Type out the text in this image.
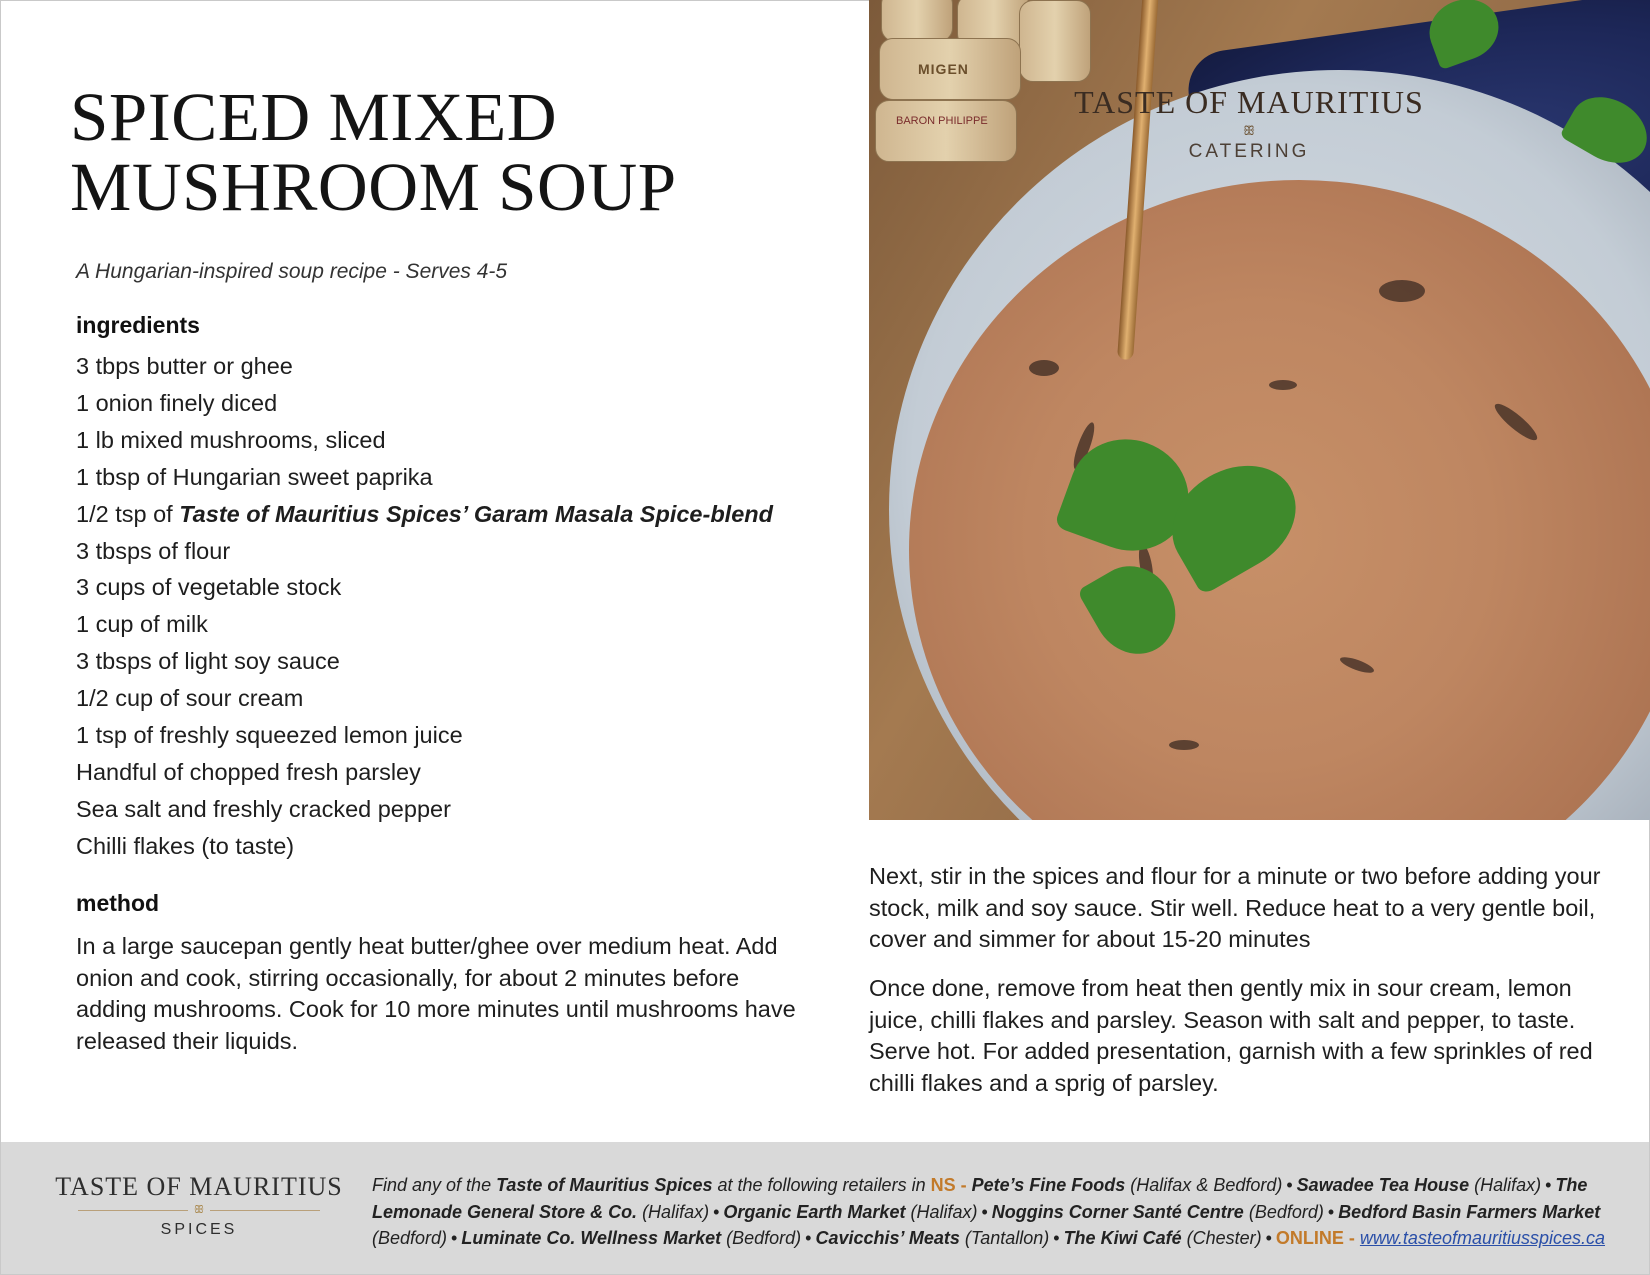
SPICED MIXED
MUSHROOM SOUP
A Hungarian-inspired soup recipe - Serves 4-5
ingredients
3 tbps butter or ghee
1 onion finely diced
1 lb mixed mushrooms, sliced
1 tbsp of Hungarian sweet paprika
1/2 tsp of Taste of Mauritius Spices’ Garam Masala Spice-blend
3 tbsps of flour
3 cups of vegetable stock
1 cup of milk
3 tbsps of light soy sauce
1/2 cup of sour cream
1 tsp of freshly squeezed lemon juice
Handful of chopped fresh parsley
Sea salt and freshly cracked pepper
Chilli flakes (to taste)
method

In a large saucepan gently heat butter/ghee over medium heat. Add onion and cook, stirring occasionally, for about 2 minutes before adding mushrooms. Cook for 10 more minutes until mushrooms have released their liquids.

Next, stir in the spices and flour for a minute or two before adding your stock, milk and soy sauce. Stir well. Reduce heat to a very gentle boil, cover and simmer for about 15-20 minutes

Once done, remove from heat then gently mix in sour cream, lemon juice, chilli flakes and parsley. Season with salt and pepper, to taste. Serve hot. For added presentation, garnish with a few sprinkles of red chilli flakes and a sprig of parsley.

MIGEN
BARON PHILIPPE
TASTE OF MAURITIUS
ꕥ
CATERING
TASTE OF MAURITIUS
ꕥ
SPICES
Find any of the Taste of Mauritius Spices at the following retailers in NS - Pete’s Fine Foods (Halifax & Bedford) • Sawadee Tea House (Halifax) • The Lemonade General Store & Co. (Halifax) • Organic Earth Market (Halifax) • Noggins Corner Santé Centre (Bedford) • Bedford Basin Farmers Market (Bedford) • Luminate Co. Wellness Market (Bedford) • Cavicchis’ Meats (Tantallon) • The Kiwi Café (Chester) • ONLINE - www.tasteofmauritiusspices.ca
